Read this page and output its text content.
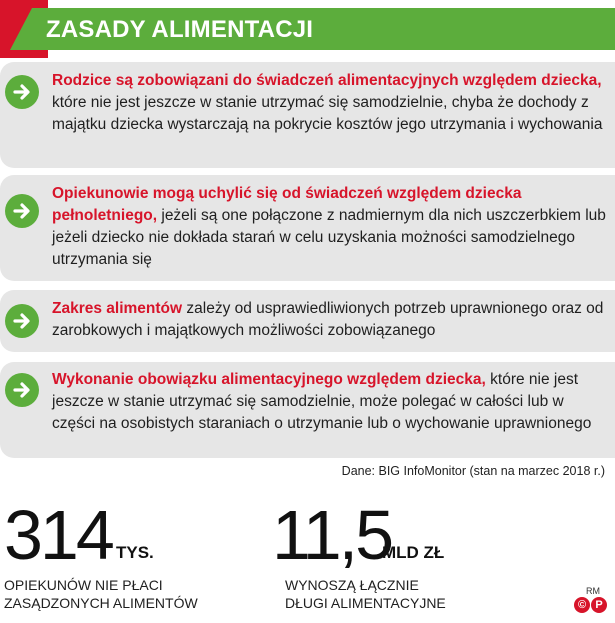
ZASADY ALIMENTACJI

Rodzice są zobowiązani do świadczeń alimentacyjnych względem dziecka, które nie jest jeszcze w stanie utrzymać się samodzielnie, chyba że dochody z majątku dziecka wystarczają na pokrycie kosztów jego utrzymania i wychowania

Opiekunowie mogą uchylić się od świadczeń względem dziecka pełnoletniego, jeżeli są one połączone z nadmiernym dla nich uszczerbkiem lub jeżeli dziecko nie dokłada starań w celu uzyskania możności samodzielnego utrzymania się

Zakres alimentów zależy od usprawiedliwionych potrzeb uprawnionego oraz od zarobkowych i majątkowych możliwości zobowiązanego

Wykonanie obowiązku alimentacyjnego względem dziecka, które nie jest jeszcze w stanie utrzymać się samodzielnie, może polegać w całości lub w części na osobistych staraniach o utrzymanie lub o wychowanie uprawnionego

Dane: BIG InfoMonitor (stan na marzec 2018 r.)
314 TYS.
OPIEKUNÓW NIE PŁACI
ZASĄDZONYCH ALIMENTÓW
11,5
MLD ZŁ
WYNOSZĄ ŁĄCZNIE
DŁUGI ALIMENTACYJNE
RM
© P
